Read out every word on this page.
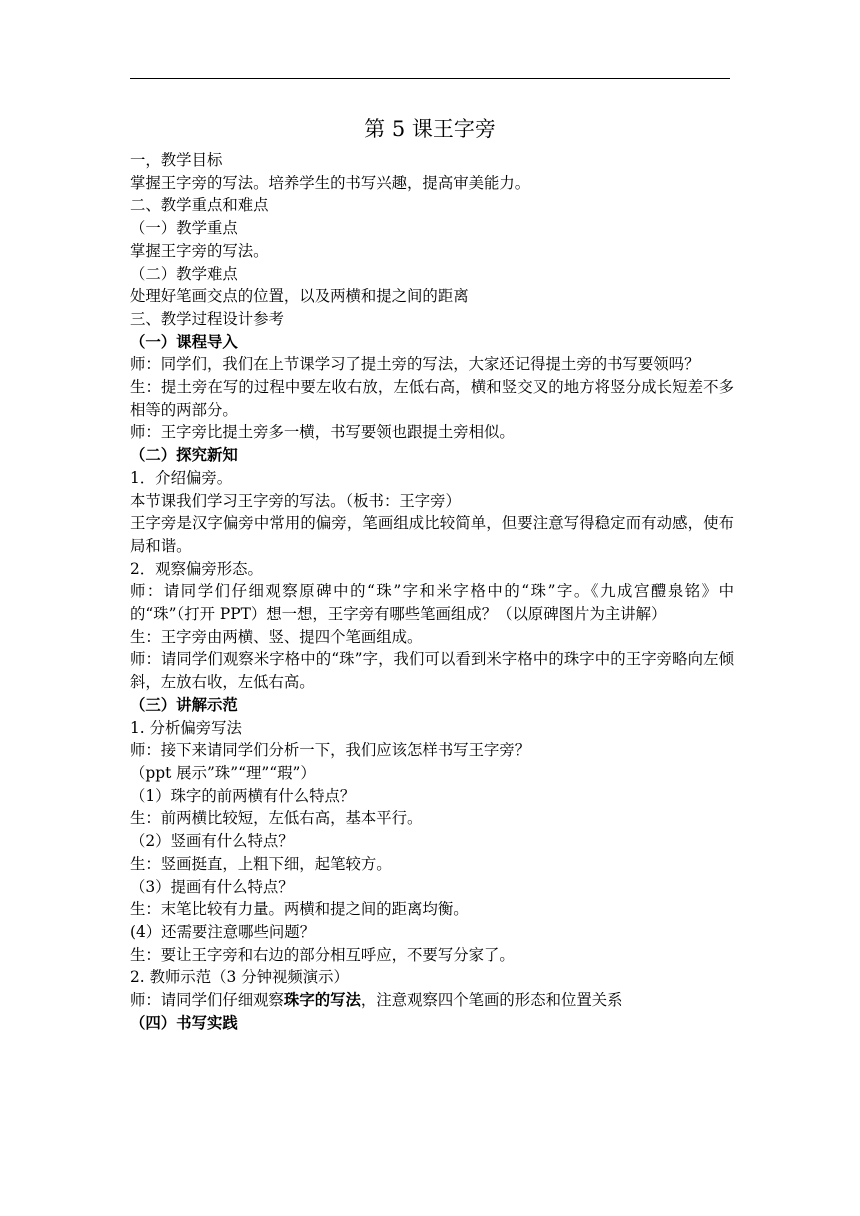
第 5 课王字旁
一，教学目标
掌握王字旁的写法。培养学生的书写兴趣，提高审美能力。
二、教学重点和难点
（一）教学重点
掌握王字旁的写法。
（二）教学难点
处理好笔画交点的位置，以及两横和提之间的距离
三、教学过程设计参考
（一）课程导入
师：同学们，我们在上节课学习了提土旁的写法，大家还记得提土旁的书写要领吗？
生：提土旁在写的过程中要左收右放，左低右高，横和竖交叉的地方将竖分成长短差不多相等的两部分。
师：王字旁比提土旁多一横，书写要领也跟提土旁相似。
（二）探究新知
1．介绍偏旁。
本节课我们学习王字旁的写法。（板书：王字旁）
王字旁是汉字偏旁中常用的偏旁，笔画组成比较简单，但要注意写得稳定而有动感，使布局和谐。
2．观察偏旁形态。
师：请同学们仔细观察原碑中的“珠”字和米字格中的“珠”字。《九成宫醴泉铭》中的“珠”（打开 PPT）想一想，王字旁有哪些笔画组成？（以原碑图片为主讲解）
生：王字旁由两横、竖、提四个笔画组成。
师：请同学们观察米字格中的“珠”字，我们可以看到米字格中的珠字中的王字旁略向左倾斜，左放右收，左低右高。
（三）讲解示范
1. 分析偏旁写法
师：接下来请同学们分析一下，我们应该怎样书写王字旁？
（ppt 展示”珠”“理”“瑕”）
（1）珠字的前两横有什么特点？
生：前两横比较短，左低右高，基本平行。
（2）竖画有什么特点？
生：竖画挺直，上粗下细，起笔较方。
（3）提画有什么特点？
生：末笔比较有力量。两横和提之间的距离均衡。
(4）还需要注意哪些问题？
生：要让王字旁和右边的部分相互呼应，不要写分家了。
2. 教师示范（3 分钟视频演示）
师：请同学们仔细观察珠字的写法，注意观察四个笔画的形态和位置关系
（四）书写实践
